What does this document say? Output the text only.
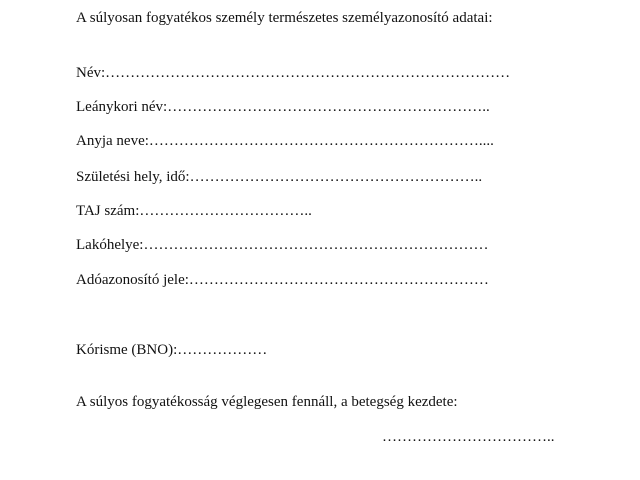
A súlyosan fogyatékos személy természetes személyazonosító adatai:
Név:………………………………………………………………………
Leánykori név:………………………………………………………..
Anyja neve:…………………………………………………………....
Születési hely, idő:…………………………………………………..
TAJ szám:……………………………..
Lakóhelye:……………………………………………………………
Adóazonosító jele:……………………………………………………
Kórisme (BNO):………………
A súlyos fogyatékosság véglegesen fennáll, a betegség kezdete:
……………………………..
